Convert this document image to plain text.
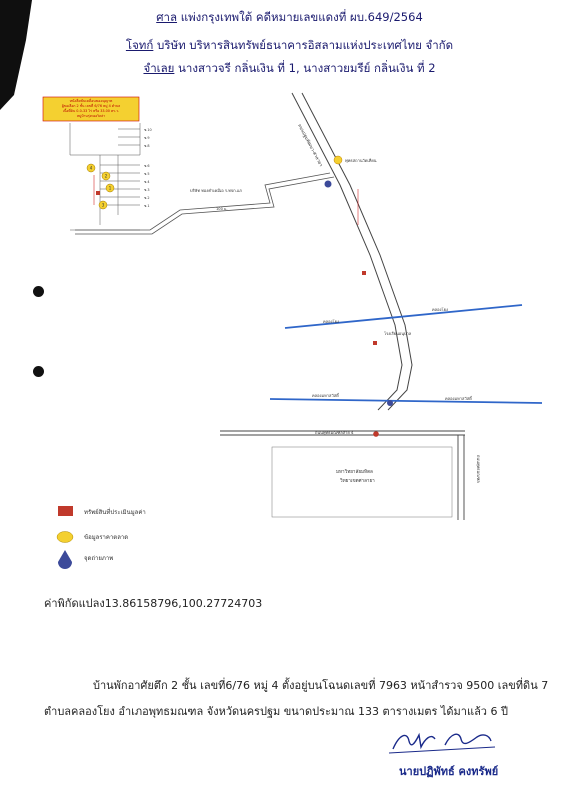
ศาล แพ่งกรุงเทพใต้ คดีหมายเลขแดงที่ ผบ.649/2564
โจทก์ บริษัท บริหารสินทรัพย์ธนาคารอิสลามแห่งประเทศไทย จำกัด
จำเลย นางสาวจรี กลิ่นเงิน ที่ 1, นางสาวยมรีย์ กลิ่นเงิน ที่ 2
หนังสือขับเคลื่อนขออนุญาต
ผู้ขอเลือก 2 ชั้น เลขที่ 6/76 หมู่ 4 ตำบล
เนื้อที่ดิน 0-0-33 ไร่ หรือ 33.00 ตร.ว.
หมู่บ้านรุ่งทองวิลล่า
ซ.10
ซ.9
ซ.8
ซ.6
ซ.5
ซ.4
ซ.3
ซ.2
ซ.1
4
2
1
3
ถนนปฐมพัฒนา-ศาลายา
บริษัท ทองคำเคมีเอ ร.ทจก.แก
100 ม.
พุทธสถานวัดเทียน
คลองโยง
คลองโยง
คลองมหาสวัสดิ์
คลองมหาสวัสดิ์
โรงเรียนอนุบาล
ถนนพุทธมณฑลสาย 4
ถนนพุทธมณฑล
มหาวิทยาลัยมหิดล
วิทยาเขตศาลายา
ทรัพย์สินที่ประเมินมูลค่า
ข้อมูลราคาตลาด
จุดถ่ายภาพ
ค่าพิกัดแปลง13.86158796,100.27724703
บ้านพักอาศัยตึก 2 ชั้น เลขที่6/76 หมู่ 4 ตั้งอยู่บนโฉนดเลขที่ 7963 หน้าสำรวจ 9500 เลขที่ดิน 7
ตำบลคลองโยง อำเภอพุทธมณฑล จังหวัดนครปฐม ขนาดประมาณ 133 ตารางเมตร ได้มาแล้ว 6 ปี
นายปฏิพัทธ์ คงทรัพย์
